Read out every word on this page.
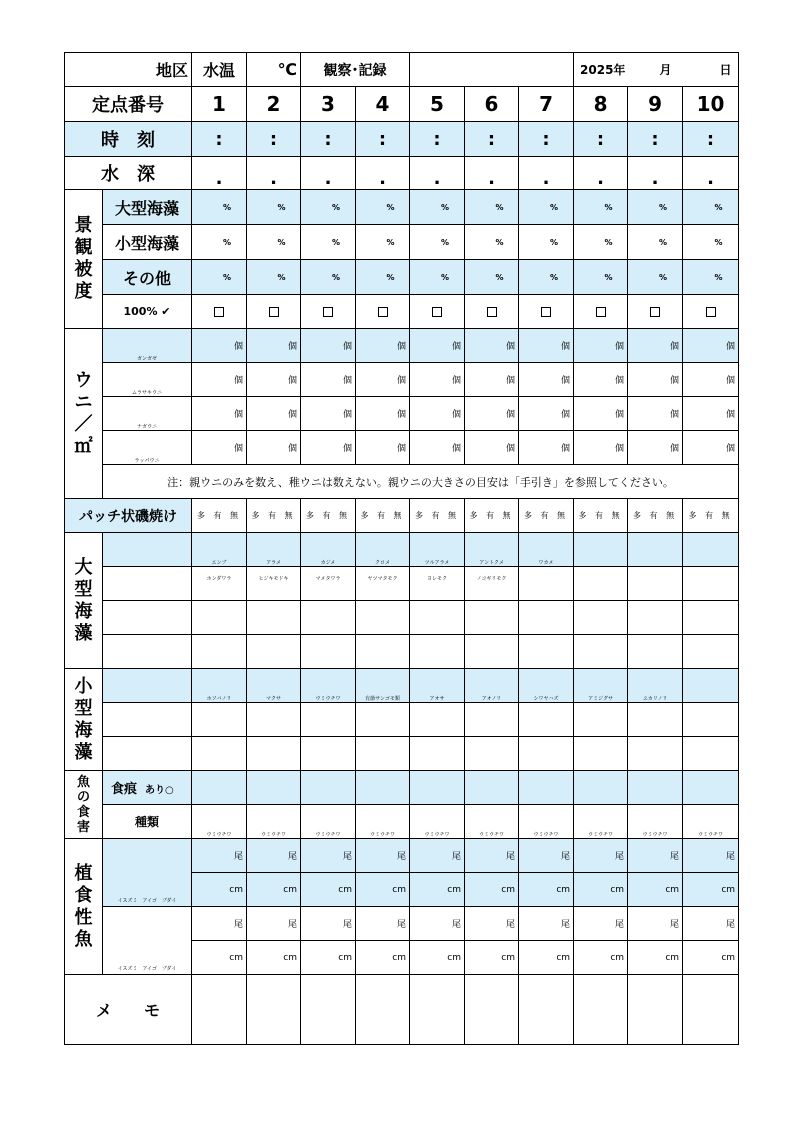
地区		水温	℃	観察･記録					2025年 月 日		
定点番号		1	2	3	4	5	6	7	8	9	10
時　刻		:	:	:	:	:	:	:	:	:	:
水　深		.	.	.	.	.	.	.	.	.	.
景観被度	大型海藻	%	%	%	%	%	%	%	%	%	%
	小型海藻	%	%	%	%	%	%	%	%	%	%
	その他	%	%	%	%	%	%	%	%	%	%
	100% ✔										
ウニ／㎡	ガンガゼ	個	個	個	個	個	個	個	個	個	個
	ムラサキウニ	個	個	個	個	個	個	個	個	個	個
	ナガウニ	個	個	個	個	個	個	個	個	個	個
	ラッパウニ	個	個	個	個	個	個	個	個	個	個
	注：親ウニのみを数え、稚ウニは数えない。親ウニの大きさの目安は「手引き」を参照してください。										
パッチ状磯焼け		多 有 無	多 有 無	多 有 無	多 有 無	多 有 無	多 有 無	多 有 無	多 有 無	多 有 無	多 有 無
大型海藻		エンブ	アラメ	カジメ	クロメ	ツルアラメ	アントクメ	ワカメ			
		ホンダワラ	ヒジキモドキ	マメタワラ	ヤツマタモク	ヨレモク	ノコギリモク				

小型海藻		ホソバノリ	マクサ	ウミウチワ	有節サンゴモ類	アオサ	アオノリ	シワヤハズ	アミジグサ	ユカリノリ	

魚の食害	食痕 あり○										
	種類	ウミウチワ	ウミウチワ	ウミウチワ	ウミウチワ	ウミウチワ	ウミウチワ	ウミウチワ	ウミウチワ	ウミウチワ	ウミウチワ
植食性魚	イスズミ　アイゴ　ブダイ	尾	尾	尾	尾	尾	尾	尾	尾	尾	尾
		cm	cm	cm	cm	cm	cm	cm	cm	cm	cm
	イスズミ　アイゴ　ブダイ	尾	尾	尾	尾	尾	尾	尾	尾	尾	尾
		cm	cm	cm	cm	cm	cm	cm	cm	cm	cm
メ　　モ											
